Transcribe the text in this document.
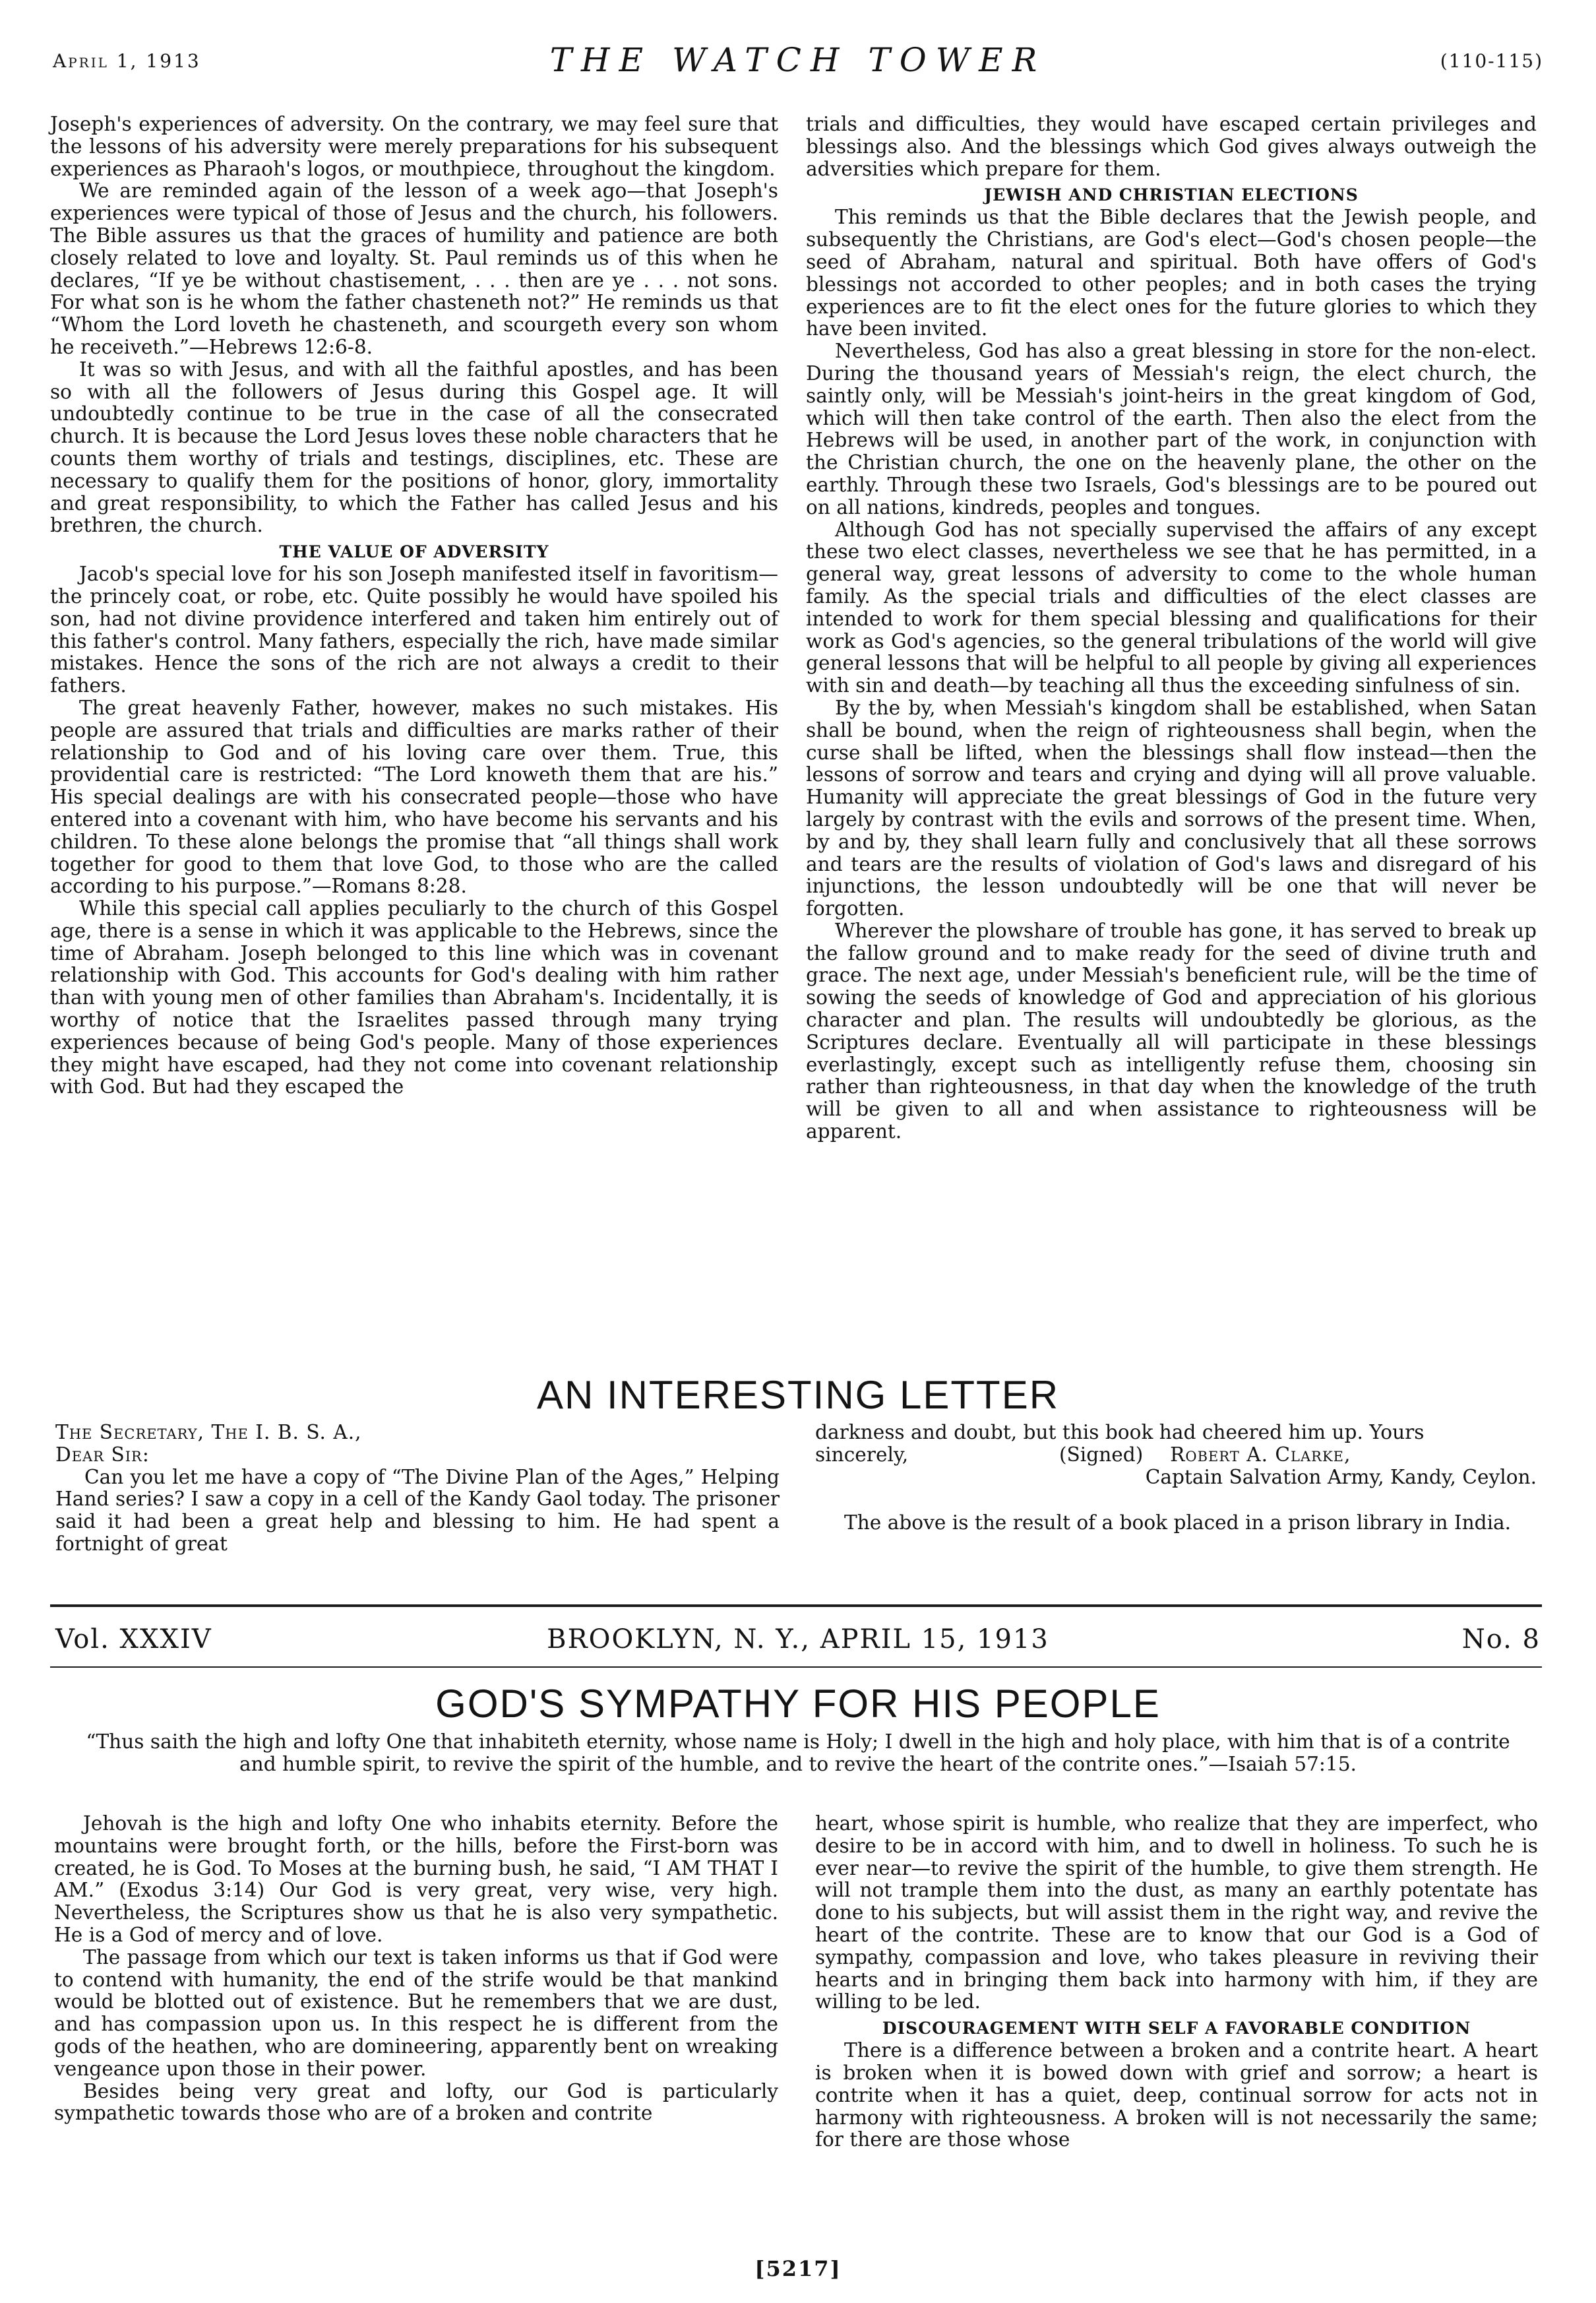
April 1, 1913	THE WATCH TOWER	(110-115)

Joseph's experiences of adversity. On the contrary, we may feel sure that the lessons of his adversity were merely preparations for his subsequent experiences as Pharaoh's logos, or mouthpiece, throughout the kingdom.

We are reminded again of the lesson of a week ago—that Joseph's experiences were typical of those of Jesus and the church, his followers. The Bible assures us that the graces of humility and patience are both closely related to love and loyalty. St. Paul reminds us of this when he declares, “If ye be without chastisement, . . . then are ye . . . not sons. For what son is he whom the father chasteneth not?” He reminds us that “Whom the Lord loveth he chasteneth, and scourgeth every son whom he receiveth.”—Hebrews 12:6-8.

It was so with Jesus, and with all the faithful apostles, and has been so with all the followers of Jesus during this Gospel age. It will undoubtedly continue to be true in the case of all the consecrated church. It is because the Lord Jesus loves these noble characters that he counts them worthy of trials and testings, disciplines, etc. These are necessary to qualify them for the positions of honor, glory, immortality and great responsibility, to which the Father has called Jesus and his brethren, the church.

THE VALUE OF ADVERSITY

Jacob's special love for his son Joseph manifested itself in favoritism—the princely coat, or robe, etc. Quite possibly he would have spoiled his son, had not divine providence interfered and taken him entirely out of this father's control. Many fathers, especially the rich, have made similar mistakes. Hence the sons of the rich are not always a credit to their fathers.

The great heavenly Father, however, makes no such mistakes. His people are assured that trials and difficulties are marks rather of their relationship to God and of his loving care over them. True, this providential care is restricted: “The Lord knoweth them that are his.” His special dealings are with his consecrated people—those who have entered into a covenant with him, who have become his servants and his children. To these alone belongs the promise that “all things shall work together for good to them that love God, to those who are the called according to his purpose.”—Romans 8:28.

While this special call applies peculiarly to the church of this Gospel age, there is a sense in which it was applicable to the Hebrews, since the time of Abraham. Joseph belonged to this line which was in covenant relationship with God. This accounts for God's dealing with him rather than with young men of other families than Abraham's. Incidentally, it is worthy of notice that the Israelites passed through many trying experiences because of being God's people. Many of those experiences they might have escaped, had they not come into covenant relationship with God. But had they escaped the

trials and difficulties, they would have escaped certain privileges and blessings also. And the blessings which God gives always outweigh the adversities which prepare for them.

JEWISH AND CHRISTIAN ELECTIONS

This reminds us that the Bible declares that the Jewish people, and subsequently the Christians, are God's elect—God's chosen people—the seed of Abraham, natural and spiritual. Both have offers of God's blessings not accorded to other peoples; and in both cases the trying experiences are to fit the elect ones for the future glories to which they have been invited.

Nevertheless, God has also a great blessing in store for the non-elect. During the thousand years of Messiah's reign, the elect church, the saintly only, will be Messiah's joint-heirs in the great kingdom of God, which will then take control of the earth. Then also the elect from the Hebrews will be used, in another part of the work, in conjunction with the Christian church, the one on the heavenly plane, the other on the earthly. Through these two Israels, God's blessings are to be poured out on all nations, kindreds, peoples and tongues.

Although God has not specially supervised the affairs of any except these two elect classes, nevertheless we see that he has permitted, in a general way, great lessons of adversity to come to the whole human family. As the special trials and difficulties of the elect classes are intended to work for them special blessing and qualifications for their work as God's agencies, so the general tribulations of the world will give general lessons that will be helpful to all people by giving all experiences with sin and death—by teaching all thus the exceeding sinfulness of sin.

By the by, when Messiah's kingdom shall be established, when Satan shall be bound, when the reign of righteousness shall begin, when the curse shall be lifted, when the blessings shall flow instead—then the lessons of sorrow and tears and crying and dying will all prove valuable. Humanity will appreciate the great blessings of God in the future very largely by contrast with the evils and sorrows of the present time. When, by and by, they shall learn fully and conclusively that all these sorrows and tears are the results of violation of God's laws and disregard of his injunctions, the lesson undoubtedly will be one that will never be forgotten.

Wherever the plowshare of trouble has gone, it has served to break up the fallow ground and to make ready for the seed of divine truth and grace. The next age, under Messiah's beneficient rule, will be the time of sowing the seeds of knowledge of God and appreciation of his glorious character and plan. The results will undoubtedly be glorious, as the Scriptures declare. Eventually all will participate in these blessings everlastingly, except such as intelligently refuse them, choosing sin rather than righteousness, in that day when the knowledge of the truth will be given to all and when assistance to righteousness will be apparent.

AN INTERESTING LETTER

The Secretary, The I. B. S. A.,

Dear Sir:

Can you let me have a copy of “The Divine Plan of the Ages,” Helping Hand series? I saw a copy in a cell of the Kandy Gaol today. The prisoner said it had been a great help and blessing to him. He had spent a fortnight of great

darkness and doubt, but this book had cheered him up. Yours

sincerely,	(Signed) Robert A. Clarke,
Captain Salvation Army, Kandy, Ceylon.

The above is the result of a book placed in a prison library in India.

Vol. XXXIV	BROOKLYN, N. Y., APRIL 15, 1913	No. 8
GOD'S SYMPATHY FOR HIS PEOPLE
“Thus saith the high and lofty One that inhabiteth eternity, whose name is Holy; I dwell in the high and holy place, with him that is of a contrite and humble spirit, to revive the spirit of the humble, and to revive the heart of the contrite ones.”—Isaiah 57:15.

Jehovah is the high and lofty One who inhabits eternity. Before the mountains were brought forth, or the hills, before the First-born was created, he is God. To Moses at the burning bush, he said, “I AM THAT I AM.” (Exodus 3:14) Our God is very great, very wise, very high. Nevertheless, the Scriptures show us that he is also very sympathetic. He is a God of mercy and of love.

The passage from which our text is taken informs us that if God were to contend with humanity, the end of the strife would be that mankind would be blotted out of existence. But he remembers that we are dust, and has compassion upon us. In this respect he is different from the gods of the heathen, who are domineering, apparently bent on wreaking vengeance upon those in their power.

Besides being very great and lofty, our God is particularly sympathetic towards those who are of a broken and contrite

heart, whose spirit is humble, who realize that they are imperfect, who desire to be in accord with him, and to dwell in holiness. To such he is ever near—to revive the spirit of the humble, to give them strength. He will not trample them into the dust, as many an earthly potentate has done to his subjects, but will assist them in the right way, and revive the heart of the contrite. These are to know that our God is a God of sympathy, compassion and love, who takes pleasure in reviving their hearts and in bringing them back into harmony with him, if they are willing to be led.

DISCOURAGEMENT WITH SELF A FAVORABLE CONDITION

There is a difference between a broken and a contrite heart. A heart is broken when it is bowed down with grief and sorrow; a heart is contrite when it has a quiet, deep, continual sorrow for acts not in harmony with righteousness. A broken will is not necessarily the same; for there are those whose

[5217]
